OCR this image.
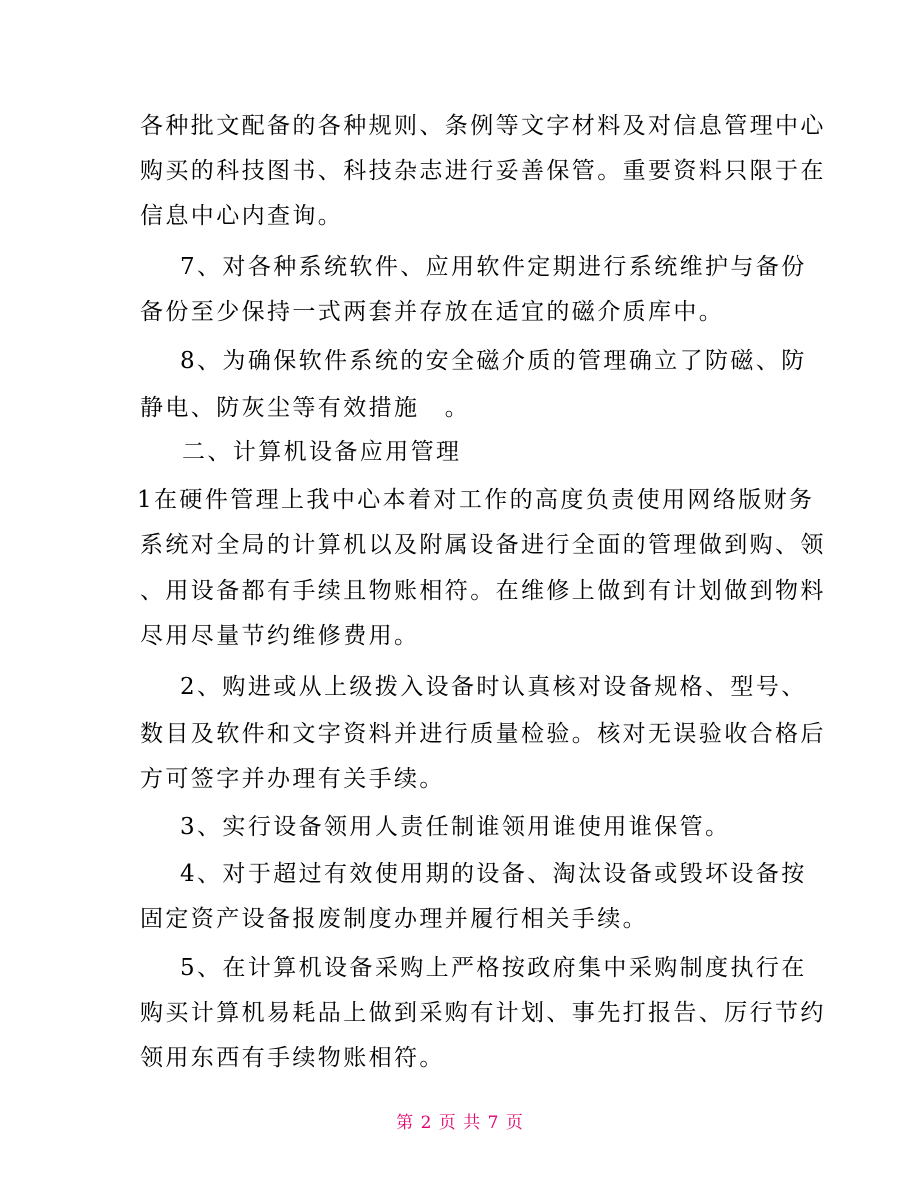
各种批文配备的各种规则、条例等文字材料及对信息管理中心
购买的科技图书、科技杂志进行妥善保管。重要资料只限于在
信息中心内查询。
7、对各种系统软件、应用软件定期进行系统维护与备份
备份至少保持一式两套并存放在适宜的磁介质库中。
8、为确保软件系统的安全磁介质的管理确立了防磁、防
静电、防灰尘等有效措施　。
二、计算机设备应用管理
1在硬件管理上我中心本着对工作的高度负责使用网络版财务
系统对全局的计算机以及附属设备进行全面的管理做到购、领
、用设备都有手续且物账相符。在维修上做到有计划做到物料
尽用尽量节约维修费用。
2、购进或从上级拨入设备时认真核对设备规格、型号、
数目及软件和文字资料并进行质量检验。核对无误验收合格后
方可签字并办理有关手续。
3、实行设备领用人责任制谁领用谁使用谁保管。
4、对于超过有效使用期的设备、淘汰设备或毁坏设备按
固定资产设备报废制度办理并履行相关手续。
5、在计算机设备采购上严格按政府集中采购制度执行在
购买计算机易耗品上做到采购有计划、事先打报告、厉行节约
领用东西有手续物账相符。
第 2 页 共 7 页
